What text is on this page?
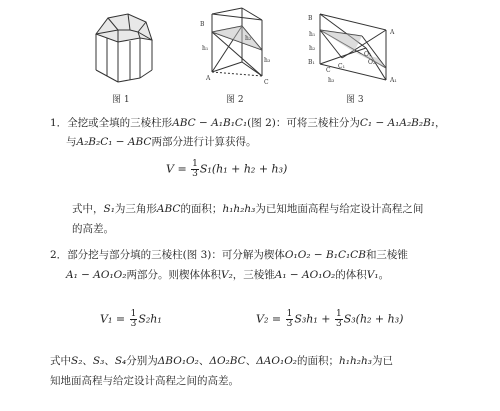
图 1
B
h₁
h₂
h₃
A
C
图 2
B
h₁
h₂
B₁
C
h₃
C₁
O₁
O₂
A
A₁
图 3
1．全挖或全填的三棱柱形ABC − A₁B₁C₁(图 2)：可将三棱柱分为C₁ − A₁A₂B₂B₁，
与A₂B₂C₁ − ABC两部分进行计算获得。
$V = \frac{1}{3} S_1(h_1 + h_2 + h_3)$
式中，S₁为三角形ABC的面积；h₁h₂h₃为已知地面高程与给定设计高程之间
的高差。
2．部分挖与部分填的三棱柱(图 3)：可分解为楔体O₁O₂ − B₁C₁CB和三棱锥
A₁ − AO₁O₂两部分。则楔体体积V₂，三棱锥A₁ − AO₁O₂的体积V₁。
$V_1 = \frac{1}{3} S_2h_1$	$V_2 = \frac{1}{3} S_3h_1 + \frac{1}{3} S_3(h_2 + h_3)$
式中S₂、S₃、S₄分别为ΔBO₁O₂、ΔO₂BC、ΔAO₁O₂的面积；h₁h₂h₃为已
知地面高程与给定设计高程之间的高差。
